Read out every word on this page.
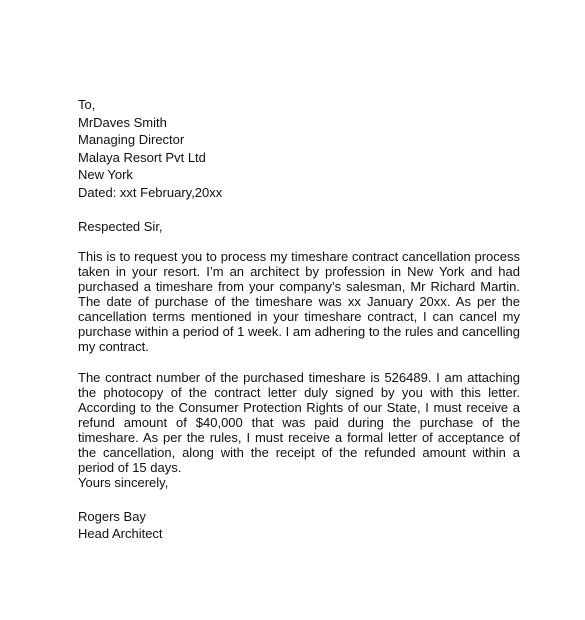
To,
MrDaves Smith
Managing Director
Malaya Resort Pvt Ltd
New York
Dated: xxt February,20xx
Respected Sir,

This is to request you to process my timeshare contract cancellation process taken in your resort. I’m an architect by profession in New York and had purchased a timeshare from your company’s salesman, Mr Richard Martin. The date of purchase of the timeshare was xx January 20xx. As per the cancellation terms mentioned in your timeshare contract, I can cancel my purchase within a period of 1 week. I am adhering to the rules and cancelling my contract.

The contract number of the purchased timeshare is 526489. I am attaching the photocopy of the contract letter duly signed by you with this letter. According to the Consumer Protection Rights of our State, I must receive a refund amount of $40,000 that was paid during the purchase of the timeshare. As per the rules, I must receive a formal letter of acceptance of the cancellation, along with the receipt of the refunded amount within a period of 15 days.

Yours sincerely,
Rogers Bay
Head Architect
